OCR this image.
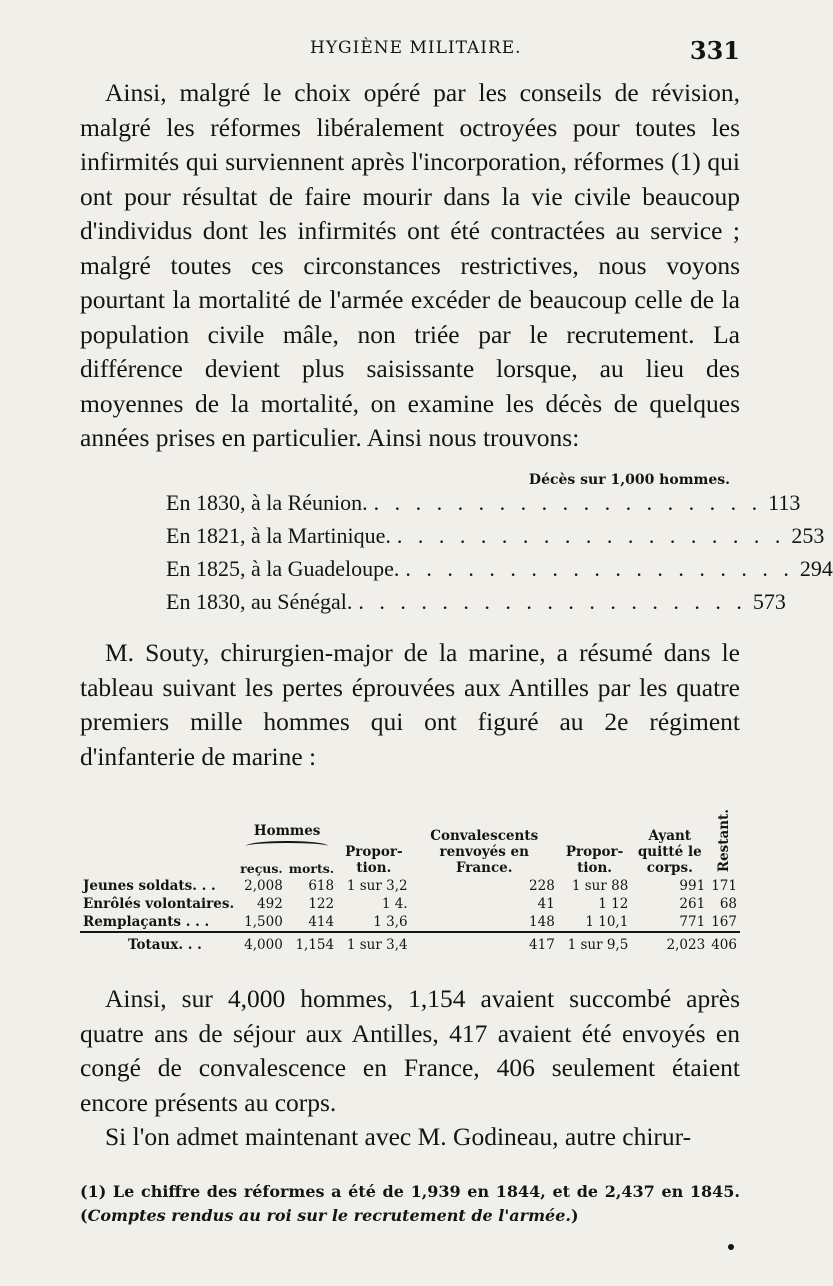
HYGIÈNE MILITAIRE.	331

Ainsi, malgré le choix opéré par les conseils de révision, malgré les réformes libéralement octroyées pour toutes les infirmités qui surviennent après l'incorporation, réformes (1) qui ont pour résultat de faire mourir dans la vie civile beaucoup d'individus dont les infirmités ont été contractées au service ; malgré toutes ces circonstances restrictives, nous voyons pourtant la mortalité de l'armée excéder de beaucoup celle de la population civile mâle, non triée par le recrutement. La différence devient plus saisissante lorsque, au lieu des moyennes de la mortalité, on examine les décès de quelques années prises en particulier. Ainsi nous trouvons:

Décès sur 1,000 hommes.
En 1830, à la Réunion. . . . . . . . . . . . . . . . . . . . 113
En 1821, à la Martinique. . . . . . . . . . . . . . . . . . . . 253
En 1825, à la Guadeloupe. . . . . . . . . . . . . . . . . . . . 294
En 1830, au Sénégal. . . . . . . . . . . . . . . . . . . . 573

M. Souty, chirurgien-major de la marine, a résumé dans le tableau suivant les pertes éprouvées aux Antilles par les quatre premiers mille hommes qui ont figuré au 2e régiment d'infanterie de marine :

	Hommes		Propor-tion.	Convalescents renvoyés en France.	Propor-tion.	Ayant quitté le corps.	Restant.
	reçus.	morts.					
Jeunes soldats. . .	2,008	618	1 sur 3,2	228	1 sur 88	991	171
Enrôlés volontaires.	492	122	1 4.	41	1 12	261	68
Remplaçants . . .	1,500	414	1 3,6	148	1 10,1	771	167
Totaux. . .	4,000	1,154	1 sur 3,4	417	1 sur 9,5	2,023	406

Ainsi, sur 4,000 hommes, 1,154 avaient succombé après quatre ans de séjour aux Antilles, 417 avaient été envoyés en congé de convalescence en France, 406 seulement étaient encore présents au corps.

Si l'on admet maintenant avec M. Godineau, autre chirur-

(1) Le chiffre des réformes a été de 1,939 en 1844, et de 2,437 en 1845. (Comptes rendus au roi sur le recrutement de l'armée.)
